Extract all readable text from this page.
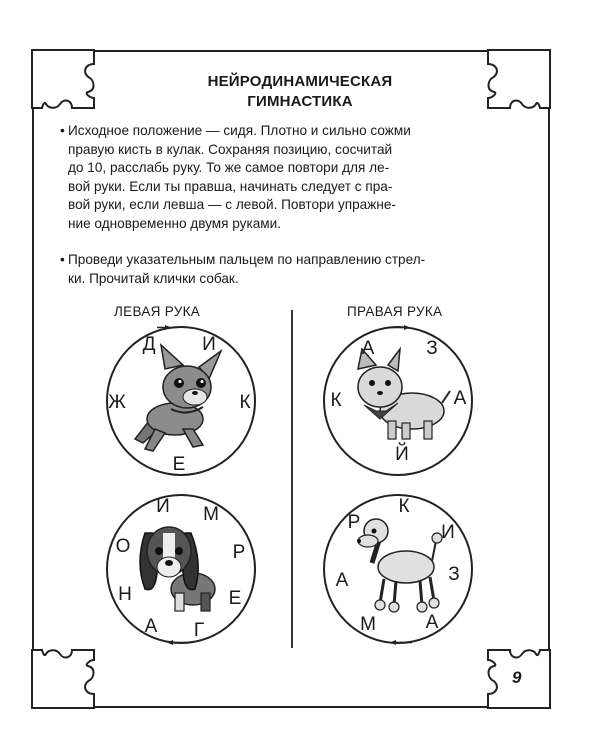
НЕЙРОДИНАМИЧЕСКАЯ
ГИМНАСТИКА
• Исходное положение — сидя. Плотно и сильно сожми
правую кисть в кулак. Сохраняя позицию, сосчитай
до 10, расслабь руку. То же самое повтори для ле-
вой руки. Если ты правша, начинать следует с пра-
вой руки, если левша — с левой. Повтори упражне-
ние одновременно двумя руками.
• Проведи указательным пальцем по направлению стрел-
ки. Прочитай клички собак.
ЛЕВАЯ РУКА	ПРАВАЯ РУКА
Д И
К
Е
Ж
А	З
А
Й
К
И М
Р
Е
Г
А
Н
О
К
И
З
А
М
А
Р
9
